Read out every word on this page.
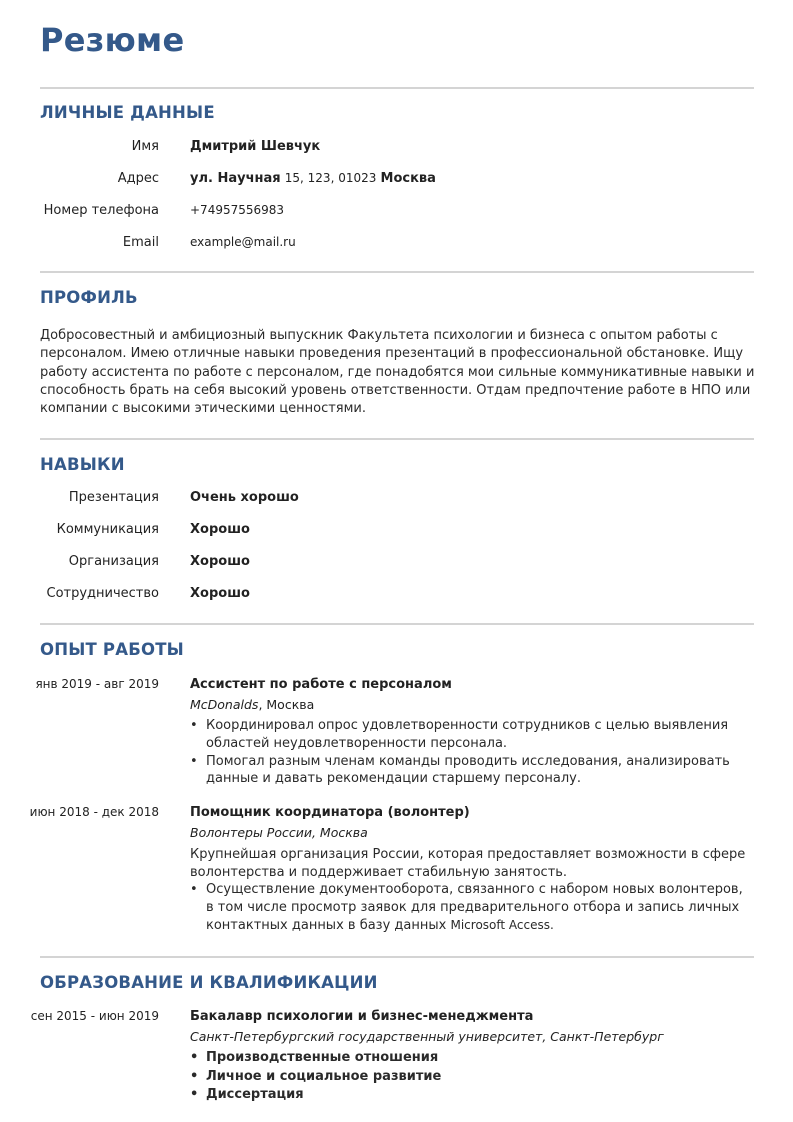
Резюме
ЛИЧНЫЕ ДАННЫЕ
Имя Дмитрий Шевчук
Адрес ул. Научная 15, 123, 01023 Москва
Номер телефона	+74957556983
Email	example@mail.ru
ПРОФИЛЬ

Добросовестный и амбициозный выпускник Факультета психологии и бизнеса с опытом работы с персоналом. Имею отличные навыки проведения презентаций в профессиональной обстановке. Ищу работу ассистента по работе с персоналом, где понадобятся мои сильные коммуникативные навыки и способность брать на себя высокий уровень ответственности. Отдам предпочтение работе в НПО или компании с высокими этическими ценностями.

НАВЫКИ
Презентация Очень хорошо
Коммуникация Хорошо
Организация Хорошо
Сотрудничество Хорошо
ОПЫТ РАБОТЫ
янв 2019 - авг 2019 Ассистент по работе с персоналом
McDonalds, Москва
• Координировал опрос удовлетворенности сотрудников с целью выявления областей неудовлетворенности персонала.
• Помогал разным членам команды проводить исследования, анализировать данные и давать рекомендации старшему персоналу.
июн 2018 - дек 2018 Помощник координатора (волонтер)
Волонтеры России, Москва

Крупнейшая организация России, которая предоставляет возможности в сфере волонтерства и поддерживает стабильную занятость.

• Осуществление документооборота, связанного с набором новых волонтеров, в том числе просмотр заявок для предварительного отбора и запись личных контактных данных в базу данных Microsoft Access.
ОБРАЗОВАНИЕ И КВАЛИФИКАЦИИ
сен 2015 - июн 2019 Бакалавр психологии и бизнес-менеджмента
Санкт-Петербургский государственный университет, Санкт-Петербург
• Производственные отношения
• Личное и социальное развитие
• Диссертация
